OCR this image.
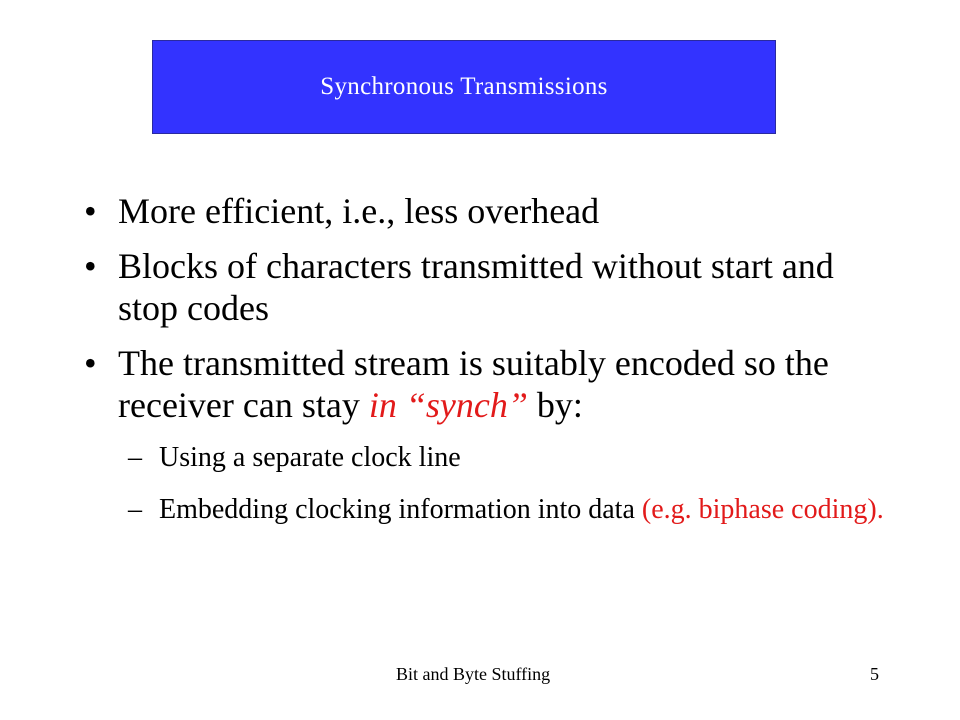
Synchronous Transmissions
• More efficient, i.e., less overhead
• Blocks of characters transmitted without start and stop codes
• The transmitted stream is suitably encoded so the receiver can stay in “synch” by:
– Using a separate clock line
– Embedding clocking information into data (e.g. biphase coding).
Bit and Byte Stuffing	5
